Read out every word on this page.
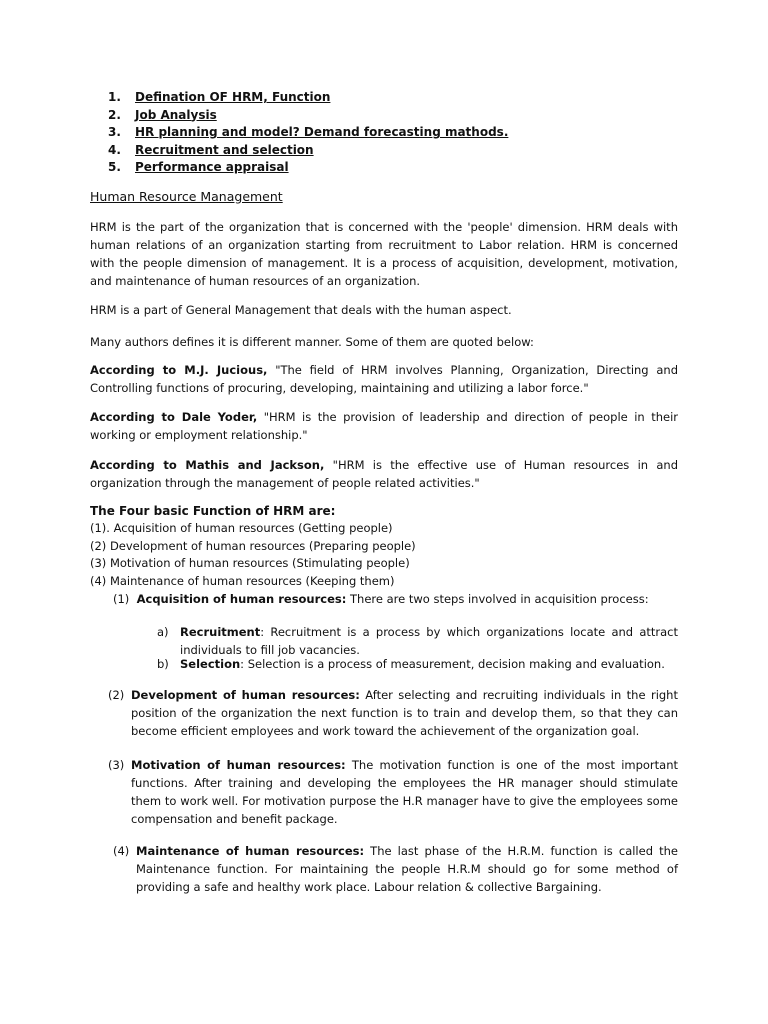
1. Defination OF HRM, Function
2. Job Analysis
3. HR planning and model? Demand forecasting mathods.
4. Recruitment and selection
5. Performance appraisal
Human Resource Management
HRM is the part of the organization that is concerned with the 'people' dimension. HRM deals with human relations of an organization starting from recruitment to Labor relation. HRM is concerned with the people dimension of management. It is a process of acquisition, development, motivation, and maintenance of human resources of an organization.
HRM is a part of General Management that deals with the human aspect.
Many authors defines it is different manner. Some of them are quoted below:
According to M.J. Jucious, "The field of HRM involves Planning, Organization, Directing and Controlling functions of procuring, developing, maintaining and utilizing a labor force."
According to Dale Yoder, "HRM is the provision of leadership and direction of people in their working or employment relationship."
According to Mathis and Jackson, "HRM is the effective use of Human resources in and organization through the management of people related activities."
The Four basic Function of HRM are:
(1). Acquisition of human resources (Getting people)
(2) Development of human resources (Preparing people)
(3) Motivation of human resources (Stimulating people)
(4) Maintenance of human resources (Keeping them)
(1) Acquisition of human resources: There are two steps involved in acquisition process:
a) Recruitment: Recruitment is a process by which organizations locate and attract individuals to fill job vacancies.
b) Selection: Selection is a process of measurement, decision making and evaluation.
(2) Development of human resources: After selecting and recruiting individuals in the right position of the organization the next function is to train and develop them, so that they can become efficient employees and work toward the achievement of the organization goal.
(3) Motivation of human resources: The motivation function is one of the most important functions. After training and developing the employees the HR manager should stimulate them to work well. For motivation purpose the H.R manager have to give the employees some compensation and benefit package.
(4) Maintenance of human resources: The last phase of the H.R.M. function is called the Maintenance function. For maintaining the people H.R.M should go for some method of providing a safe and healthy work place. Labour relation & collective Bargaining.
